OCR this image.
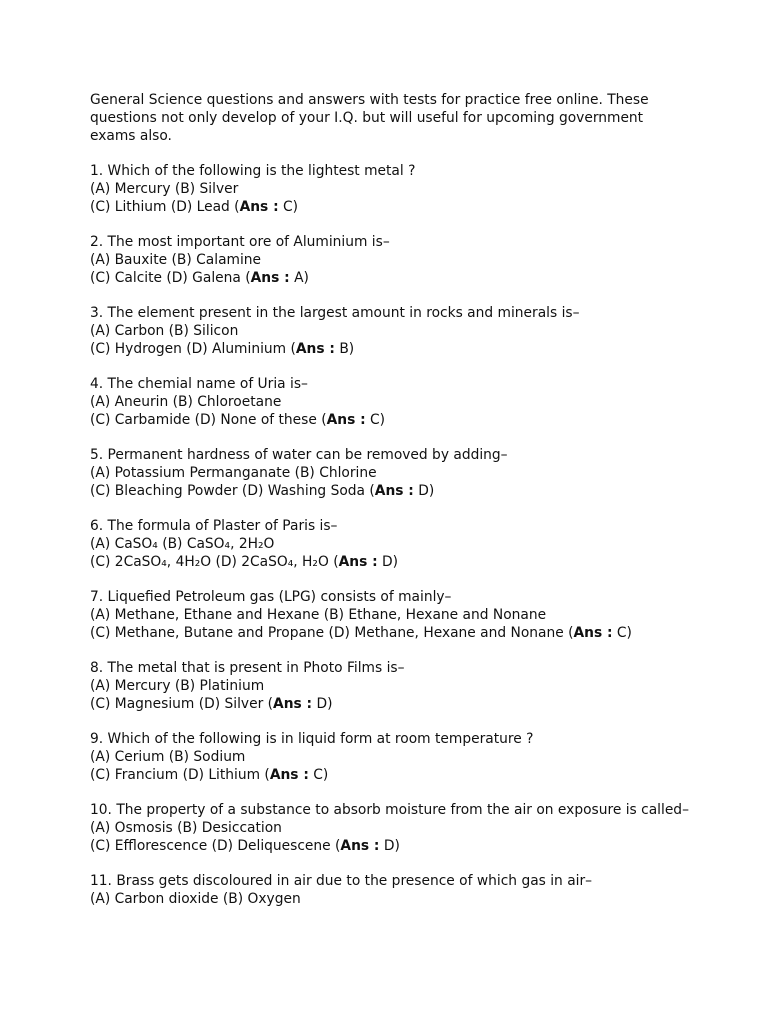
General Science questions and answers with tests for practice free online. These questions not only develop of your I.Q. but will useful for upcoming government exams also.
1. Which of the following is the lightest metal ?
(A) Mercury (B) Silver
(C) Lithium (D) Lead (Ans : C)
2. The most important ore of Aluminium is–
(A) Bauxite (B) Calamine
(C) Calcite (D) Galena (Ans : A)
3. The element present in the largest amount in rocks and minerals is–
(A) Carbon (B) Silicon
(C) Hydrogen (D) Aluminium (Ans : B)
4. The chemial name of Uria is–
(A) Aneurin (B) Chloroetane
(C) Carbamide (D) None of these (Ans : C)
5. Permanent hardness of water can be removed by adding–
(A) Potassium Permanganate (B) Chlorine
(C) Bleaching Powder (D) Washing Soda (Ans : D)
6. The formula of Plaster of Paris is–
(A) CaSO₄ (B) CaSO₄, 2H₂O
(C) 2CaSO₄, 4H₂O (D) 2CaSO₄, H₂O (Ans : D)
7. Liquefied Petroleum gas (LPG) consists of mainly–
(A) Methane, Ethane and Hexane (B) Ethane, Hexane and Nonane
(C) Methane, Butane and Propane (D) Methane, Hexane and Nonane (Ans : C)
8. The metal that is present in Photo Films is–
(A) Mercury (B) Platinium
(C) Magnesium (D) Silver (Ans : D)
9. Which of the following is in liquid form at room temperature ?
(A) Cerium (B) Sodium
(C) Francium (D) Lithium (Ans : C)
10. The property of a substance to absorb moisture from the air on exposure is called–
(A) Osmosis (B) Desiccation
(C) Efflorescence (D) Deliquescene (Ans : D)
11. Brass gets discoloured in air due to the presence of which gas in air–
(A) Carbon dioxide (B) Oxygen
